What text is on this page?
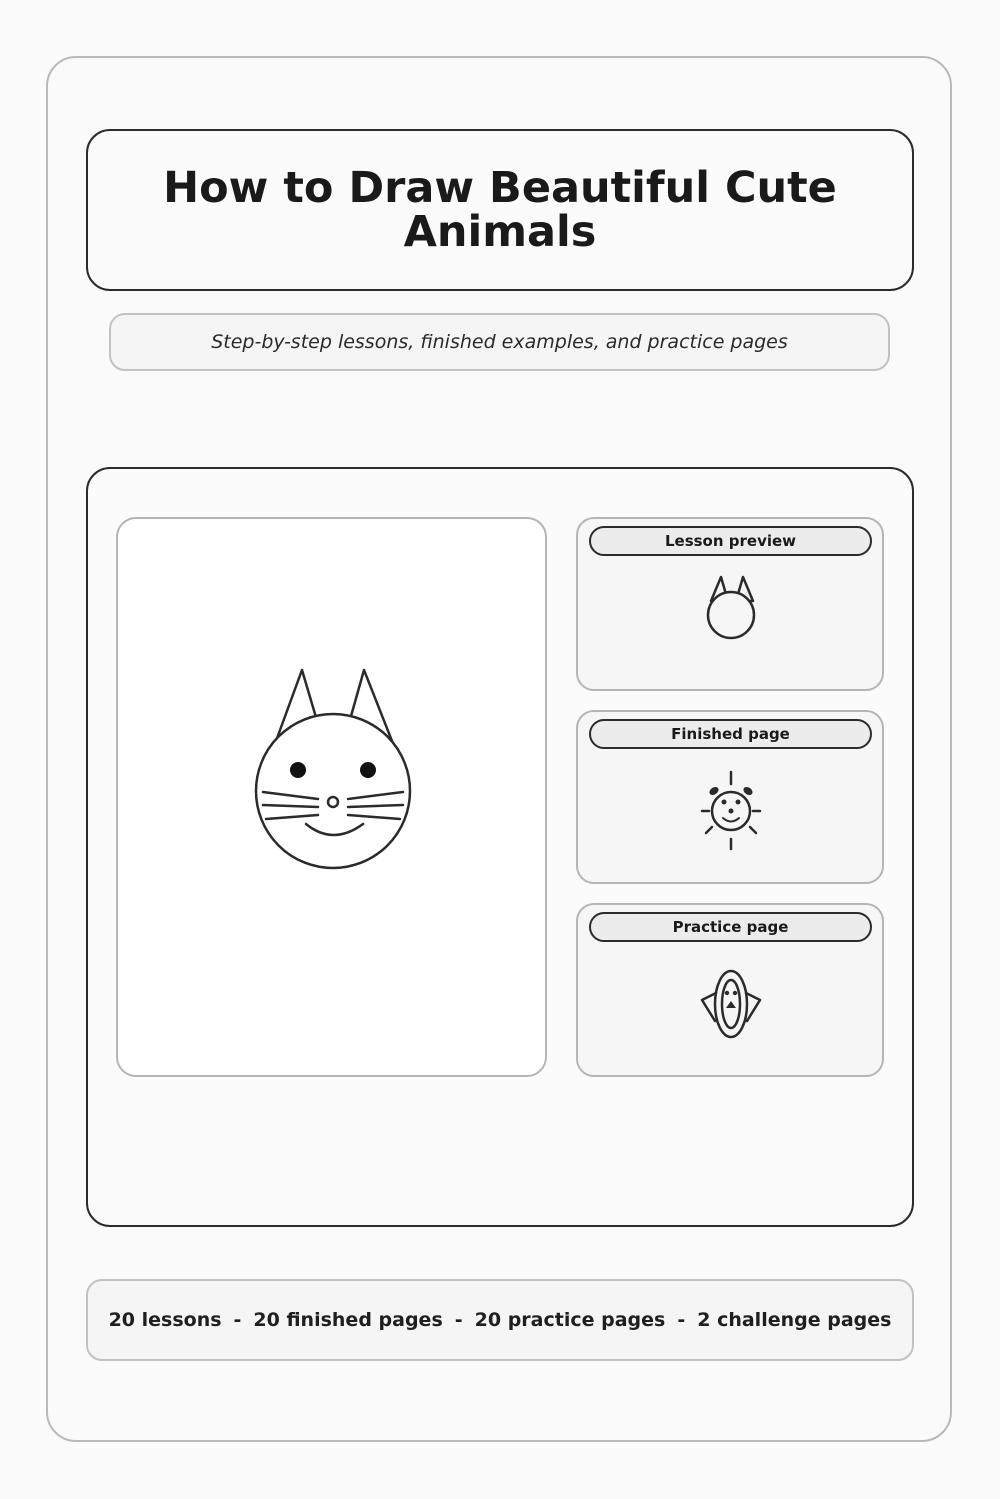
How to Draw Beautiful Cute Animals
Step-by-step lessons, finished examples, and practice pages
Lesson preview
Finished page
Practice page
20 lessons - 20 finished pages - 20 practice pages - 2 challenge pages
